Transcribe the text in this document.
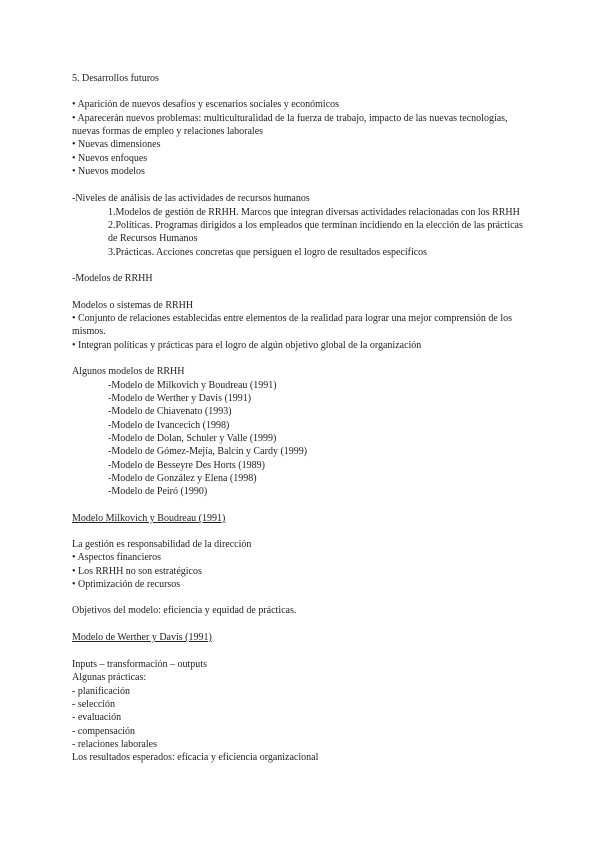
5. Desarrollos futuros
• Aparición de nuevos desafíos y escenarios sociales y económicos
• Aparecerán nuevos problemas: multiculturalidad de la fuerza de trabajo, impacto de las nuevas tecnologías,
nuevas formas de empleo y relaciones laborales
• Nuevas dimensiones
• Nuevos enfoques
• Nuevos modelos
-Niveles de análisis de las actividades de recursos humanos
1.Modelos de gestión de RRHH. Marcos que integran diversas actividades relacionadas con los RRHH
2.Políticas. Programas dirigidos a los empleados que terminan incidiendo en la elección de las prácticas
de Recursos Humanos
3.Prácticas. Acciones concretas que persiguen el logro de resultados específicos
-Modelos de RRHH
Modelos o sistemas de RRHH
• Conjunto de relaciones establecidas entre elementos de la realidad para lograr una mejor comprensión de los
mismos.
• Integran políticas y prácticas para el logro de algún objetivo global de la organización
Algunos modelos de RRHH
-Modelo de Milkovich y Boudreau (1991)
-Modelo de Werther y Davis (1991)
-Modelo de Chiavenato (1993)
-Modelo de Ivancecich (1998)
-Modelo de Dolan, Schuler y Valle (1999)
-Modelo de Gómez-Mejía, Balcin y Cardy (1999)
-Modelo de Besseyre Des Horts (1989)
-Modelo de González y Elena (1998)
-Modelo de Peiró (1990)
Modelo Milkovich y Boudreau (1991)
La gestión es responsabilidad de la dirección
• Aspectos financieros
• Los RRHH no son estratégicos
• Optimización de recursos
Objetivos del modelo: eficiencia y equidad de prácticas.
Modelo de Werther y Davis (1991)
Inputs – transformación – outputs
Algunas prácticas:
- planificación
- selección
- evaluación
- compensación
- relaciones laborales
Los resultados esperados: eficacia y eficiencia organizacional
